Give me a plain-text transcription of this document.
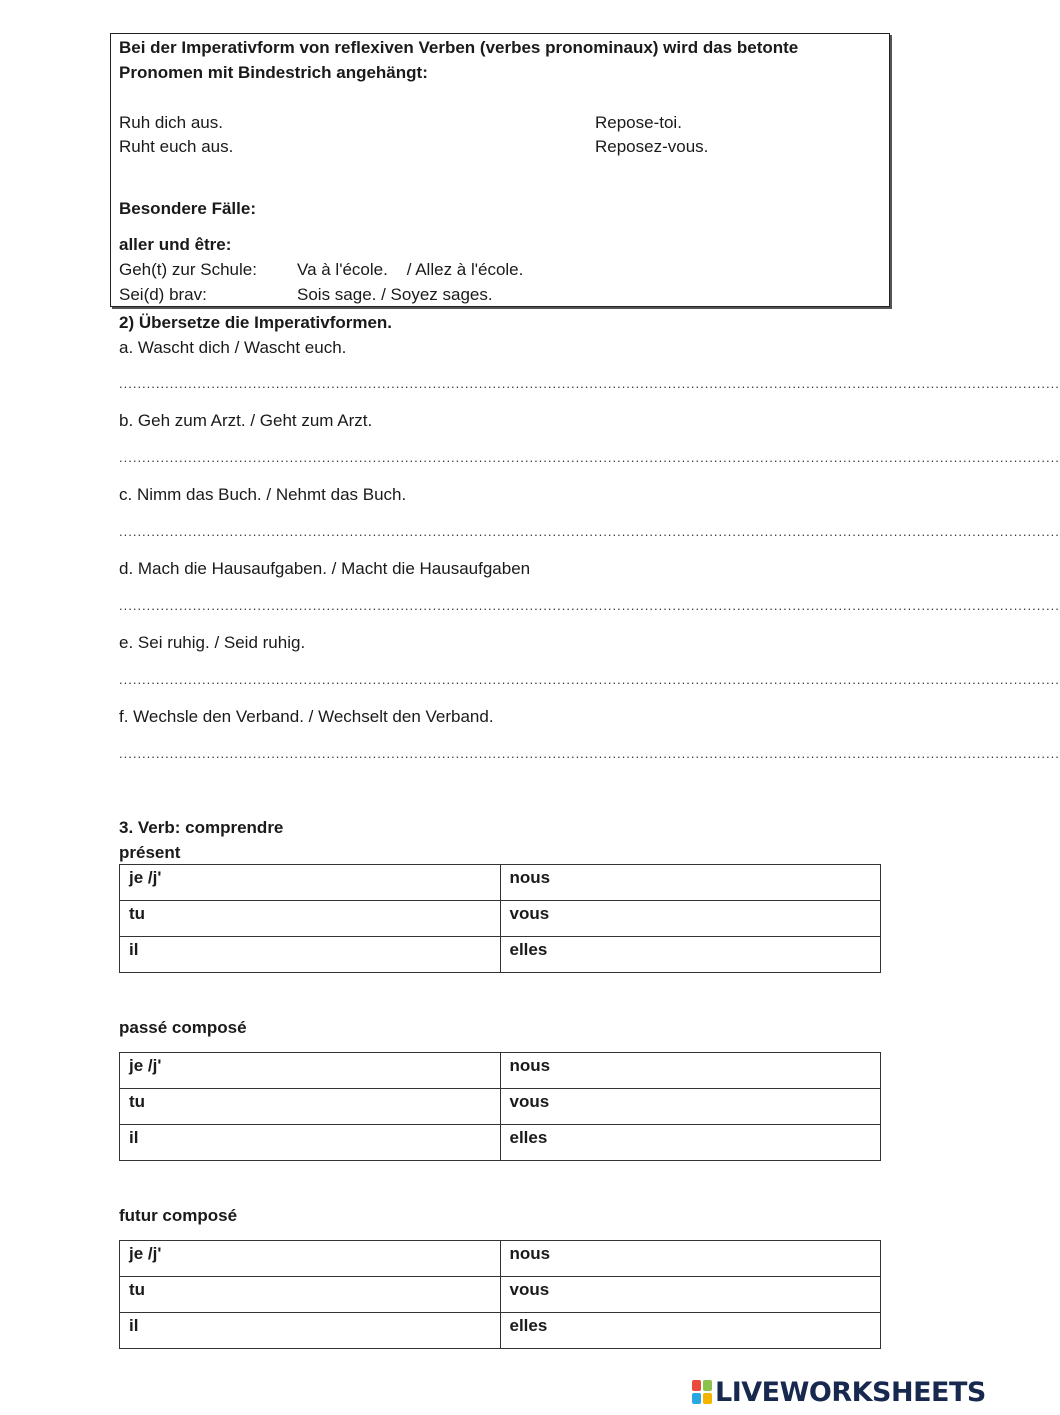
Bei der Imperativform von reflexiven Verben (verbes pronominaux) wird das betonte
Pronomen mit Bindestrich angehängt:
Ruh dich aus.	Repose-toi.
Ruht euch aus.	Reposez-vous.
Besondere Fälle:
aller und être:
Geh(t) zur Schule: Va à l'école.    / Allez à l'école.
Sei(d) brav:	Sois sage. / Soyez sages.
2) Übersetze die Imperativformen.
a. Wascht dich / Wascht euch.
............................................................................................................................................................................................................
b. Geh zum Arzt. / Geht zum Arzt.
............................................................................................................................................................................................................
c. Nimm das Buch. / Nehmt das Buch.
............................................................................................................................................................................................................
d. Mach die Hausaufgaben. / Macht die Hausaufgaben
............................................................................................................................................................................................................
e. Sei ruhig. / Seid ruhig.
............................................................................................................................................................................................................
f. Wechsle den Verband. / Wechselt den Verband.
............................................................................................................................................................................................................
3. Verb: comprendre
présent
je /j'	nous
tu	vous
il	elles
passé composé
je /j'	nous
tu	vous
il	elles
futur composé
je /j'	nous
tu	vous
il	elles
LIVEWORKSHEETS
